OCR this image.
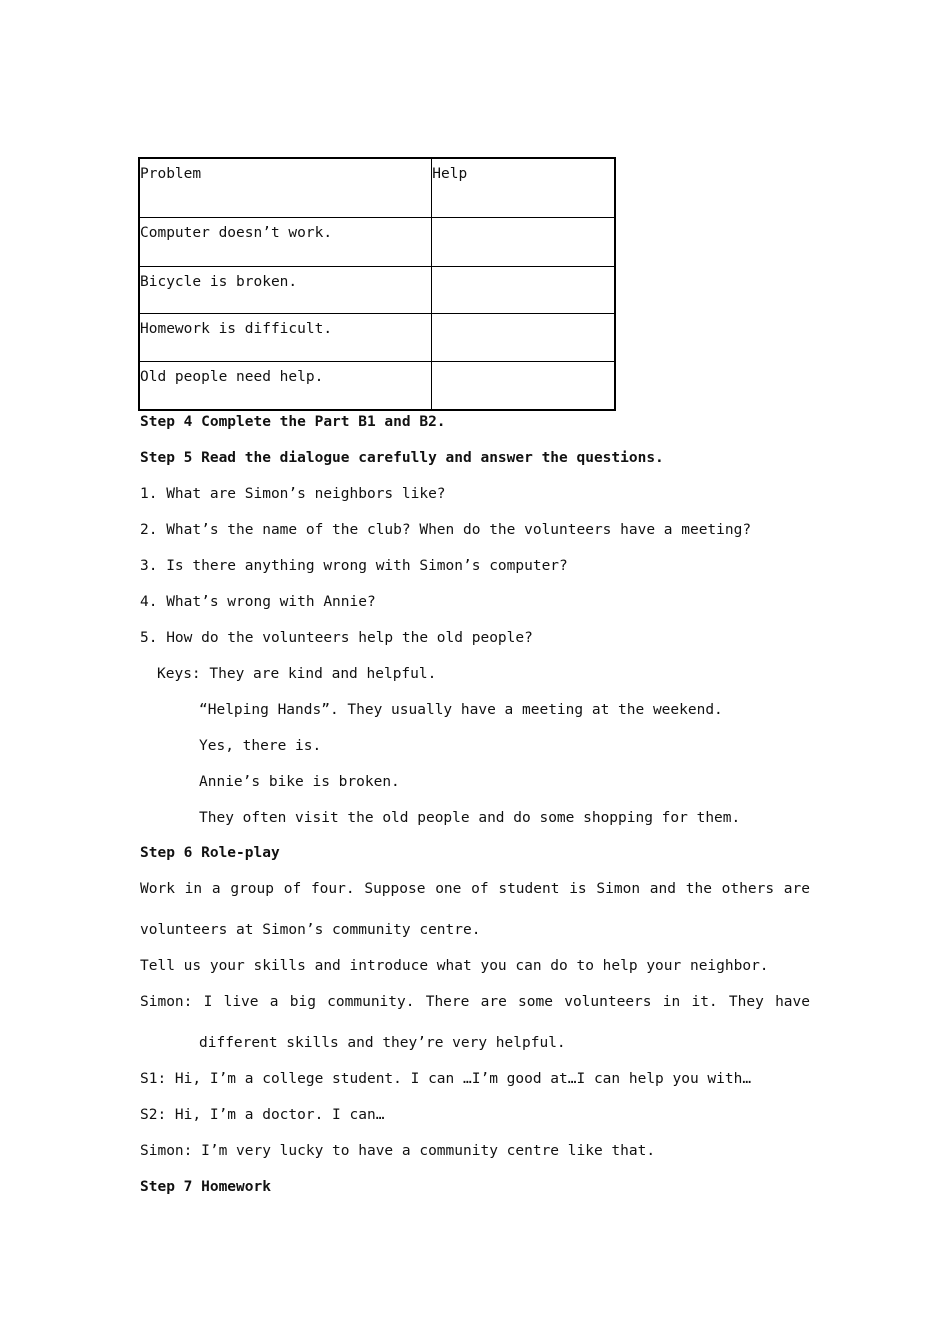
Problem	Help
Computer doesn’t work.	
Bicycle is broken.	
Homework is difficult.	
Old people need help.	
Step 4 Complete the Part B1 and B2.
Step 5 Read the dialogue carefully and answer the questions.
1. What are Simon’s neighbors like?
2. What’s the name of the club? When do the volunteers have a meeting?
3. Is there anything wrong with Simon’s computer?
4. What’s wrong with Annie?
5. How do the volunteers help the old people?
Keys: They are kind and helpful.
“Helping Hands”. They usually have a meeting at the weekend.
Yes, there is.
Annie’s bike is broken.
They often visit the old people and do some shopping for them.
Step 6 Role-play
Work in a group of four. Suppose one of student is Simon and the others are
volunteers at Simon’s community centre.
Tell us your skills and introduce what you can do to help your neighbor.
Simon: I live a big community. There are some volunteers in it. They have
different skills and they’re very helpful.
S1: Hi, I’m a college student. I can …I’m good at…I can help you with…
S2: Hi, I’m a doctor. I can…
Simon: I’m very lucky to have a community centre like that.
Step 7 Homework
